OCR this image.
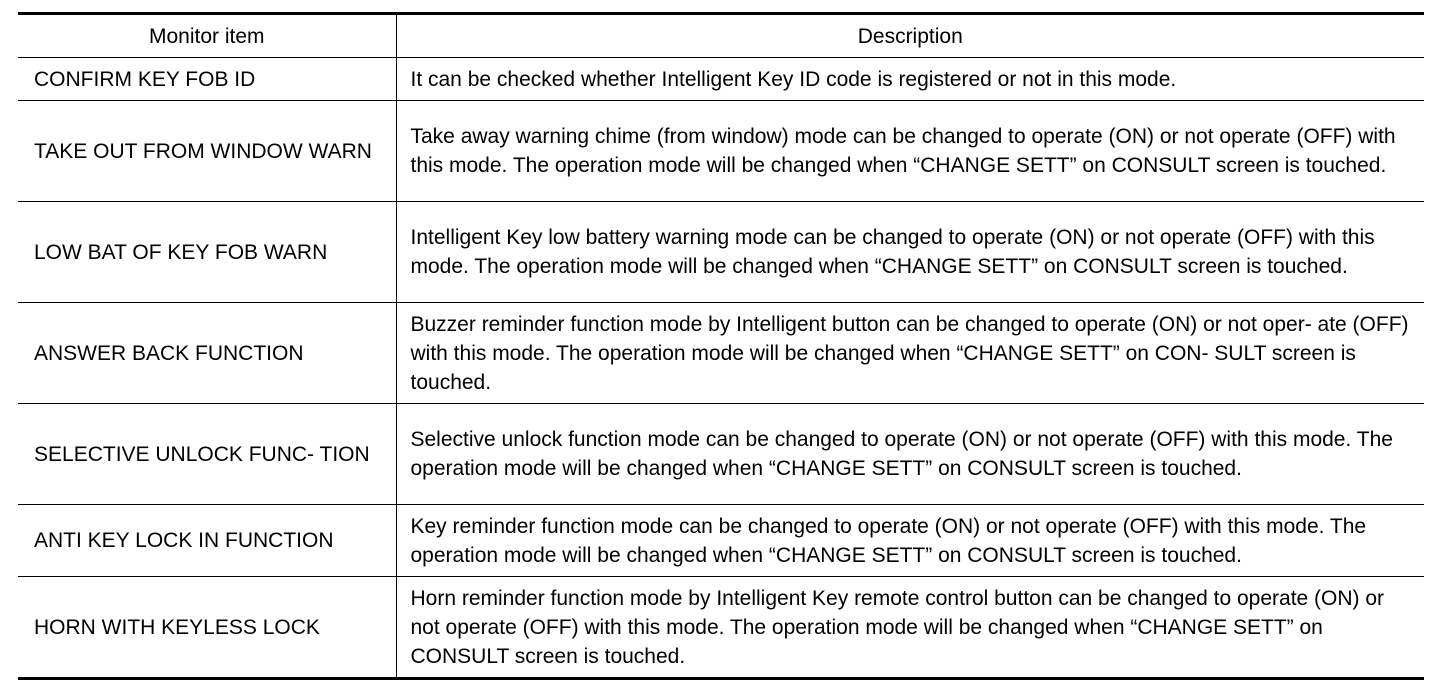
Monitor item	Description
CONFIRM KEY FOB ID	It can be checked whether Intelligent Key ID code is registered or not in this mode.
TAKE OUT FROM WINDOW WARN	Take away warning chime (from window) mode can be changed to operate (ON) or not operate (OFF) with this mode. The operation mode will be changed when “CHANGE SETT” on CONSULT screen is touched.
LOW BAT OF KEY FOB WARN	Intelligent Key low battery warning mode can be changed to operate (ON) or not operate (OFF) with this mode. The operation mode will be changed when “CHANGE SETT” on CONSULT screen is touched.
ANSWER BACK FUNCTION	Buzzer reminder function mode by Intelligent button can be changed to operate (ON) or not oper- ate (OFF) with this mode. The operation mode will be changed when “CHANGE SETT” on CON- SULT screen is touched.
SELECTIVE UNLOCK FUNC- TION	Selective unlock function mode can be changed to operate (ON) or not operate (OFF) with this mode. The operation mode will be changed when “CHANGE SETT” on CONSULT screen is touched.
ANTI KEY LOCK IN FUNCTION	Key reminder function mode can be changed to operate (ON) or not operate (OFF) with this mode. The operation mode will be changed when “CHANGE SETT” on CONSULT screen is touched.
HORN WITH KEYLESS LOCK	Horn reminder function mode by Intelligent Key remote control button can be changed to operate (ON) or not operate (OFF) with this mode. The operation mode will be changed when “CHANGE SETT” on CONSULT screen is touched.
